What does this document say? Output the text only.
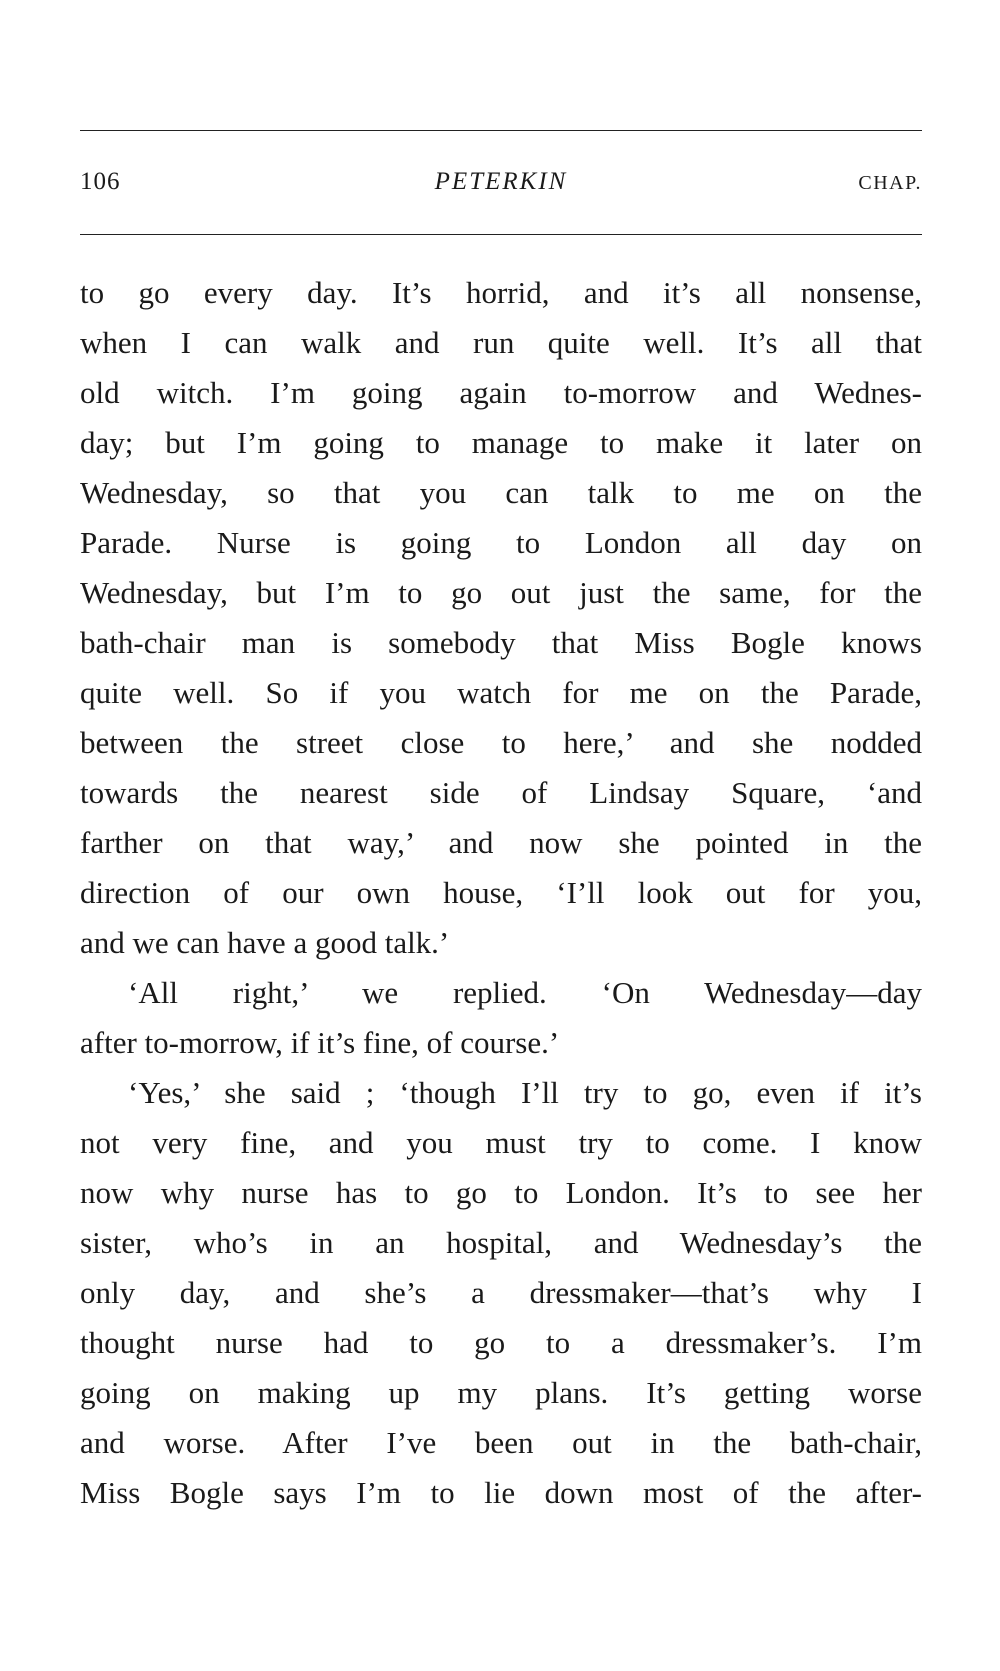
106	PETERKIN	CHAP.
to go every day. It’s horrid, and it’s all nonsense,
when I can walk and run quite well. It’s all that
old witch. I’m going again to-morrow and Wednes-
day; but I’m going to manage to make it later on
Wednesday, so that you can talk to me on the
Parade. Nurse is going to London all day on
Wednesday, but I’m to go out just the same, for the
bath-chair man is somebody that Miss Bogle knows
quite well. So if you watch for me on the Parade,
between the street close to here,’ and she nodded
towards the nearest side of Lindsay Square, ‘and
farther on that way,’ and now she pointed in the
direction of our own house, ‘I’ll look out for you,
and we can have a good talk.’
‘All right,’ we replied. ‘On Wednesday—day
after to-morrow, if it’s fine, of course.’
‘Yes,’ she said ; ‘though I’ll try to go, even if it’s
not very fine, and you must try to come. I know
now why nurse has to go to London. It’s to see her
sister, who’s in an hospital, and Wednesday’s the
only day, and she’s a dressmaker—that’s why I
thought nurse had to go to a dressmaker’s. I’m
going on making up my plans. It’s getting worse
and worse. After I’ve been out in the bath-chair,
Miss Bogle says I’m to lie down most of the after-
